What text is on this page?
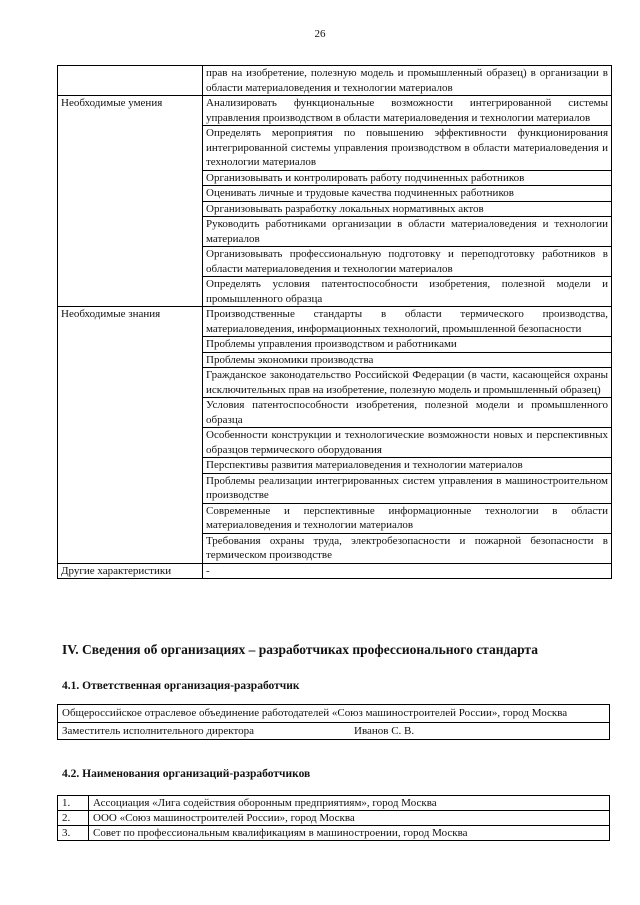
26
	прав на изобретение, полезную модель и промышленный образец) в организации в области материаловедения и технологии материалов
Необходимые умения	Анализировать функциональные возможности интегрированной системы управления производством в области материаловедения и технологии материалов
	Определять мероприятия по повышению эффективности функционирования интегрированной системы управления производством в области материаловедения и технологии материалов
	Организовывать и контролировать работу подчиненных работников
	Оценивать личные и трудовые качества подчиненных работников
	Организовывать разработку локальных нормативных актов
	Руководить работниками организации в области материаловедения и технологии материалов
	Организовывать профессиональную подготовку и переподготовку работников в области материаловедения и технологии материалов
	Определять условия патентоспособности изобретения, полезной модели и промышленного образца
Необходимые знания	Производственные стандарты в области термического производства, материаловедения, информационных технологий, промышленной безопасности
	Проблемы управления производством и работниками
	Проблемы экономики производства
	Гражданское законодательство Российской Федерации (в части, касающейся охраны исключительных прав на изобретение, полезную модель и промышленный образец)
	Условия патентоспособности изобретения, полезной модели и промышленного образца
	Особенности конструкции и технологические возможности новых и перспективных образцов термического оборудования
	Перспективы развития материаловедения и технологии материалов
	Проблемы реализации интегрированных систем управления в машиностроительном производстве
	Современные и перспективные информационные технологии в области материаловедения и технологии материалов
	Требования охраны труда, электробезопасности и пожарной безопасности в термическом производстве
Другие характеристики	-
IV. Сведения об организациях – разработчиках профессионального стандарта
4.1. Ответственная организация-разработчик
Общероссийское отраслевое объединение работодателей «Союз машиностроителей России», город Москва
Заместитель исполнительного директора	Иванов С. В.
4.2. Наименования организаций-разработчиков
1.	Ассоциация «Лига содействия оборонным предприятиям», город Москва
2.	ООО «Союз машиностроителей России», город Москва
3.	Совет по профессиональным квалификациям в машиностроении, город Москва
